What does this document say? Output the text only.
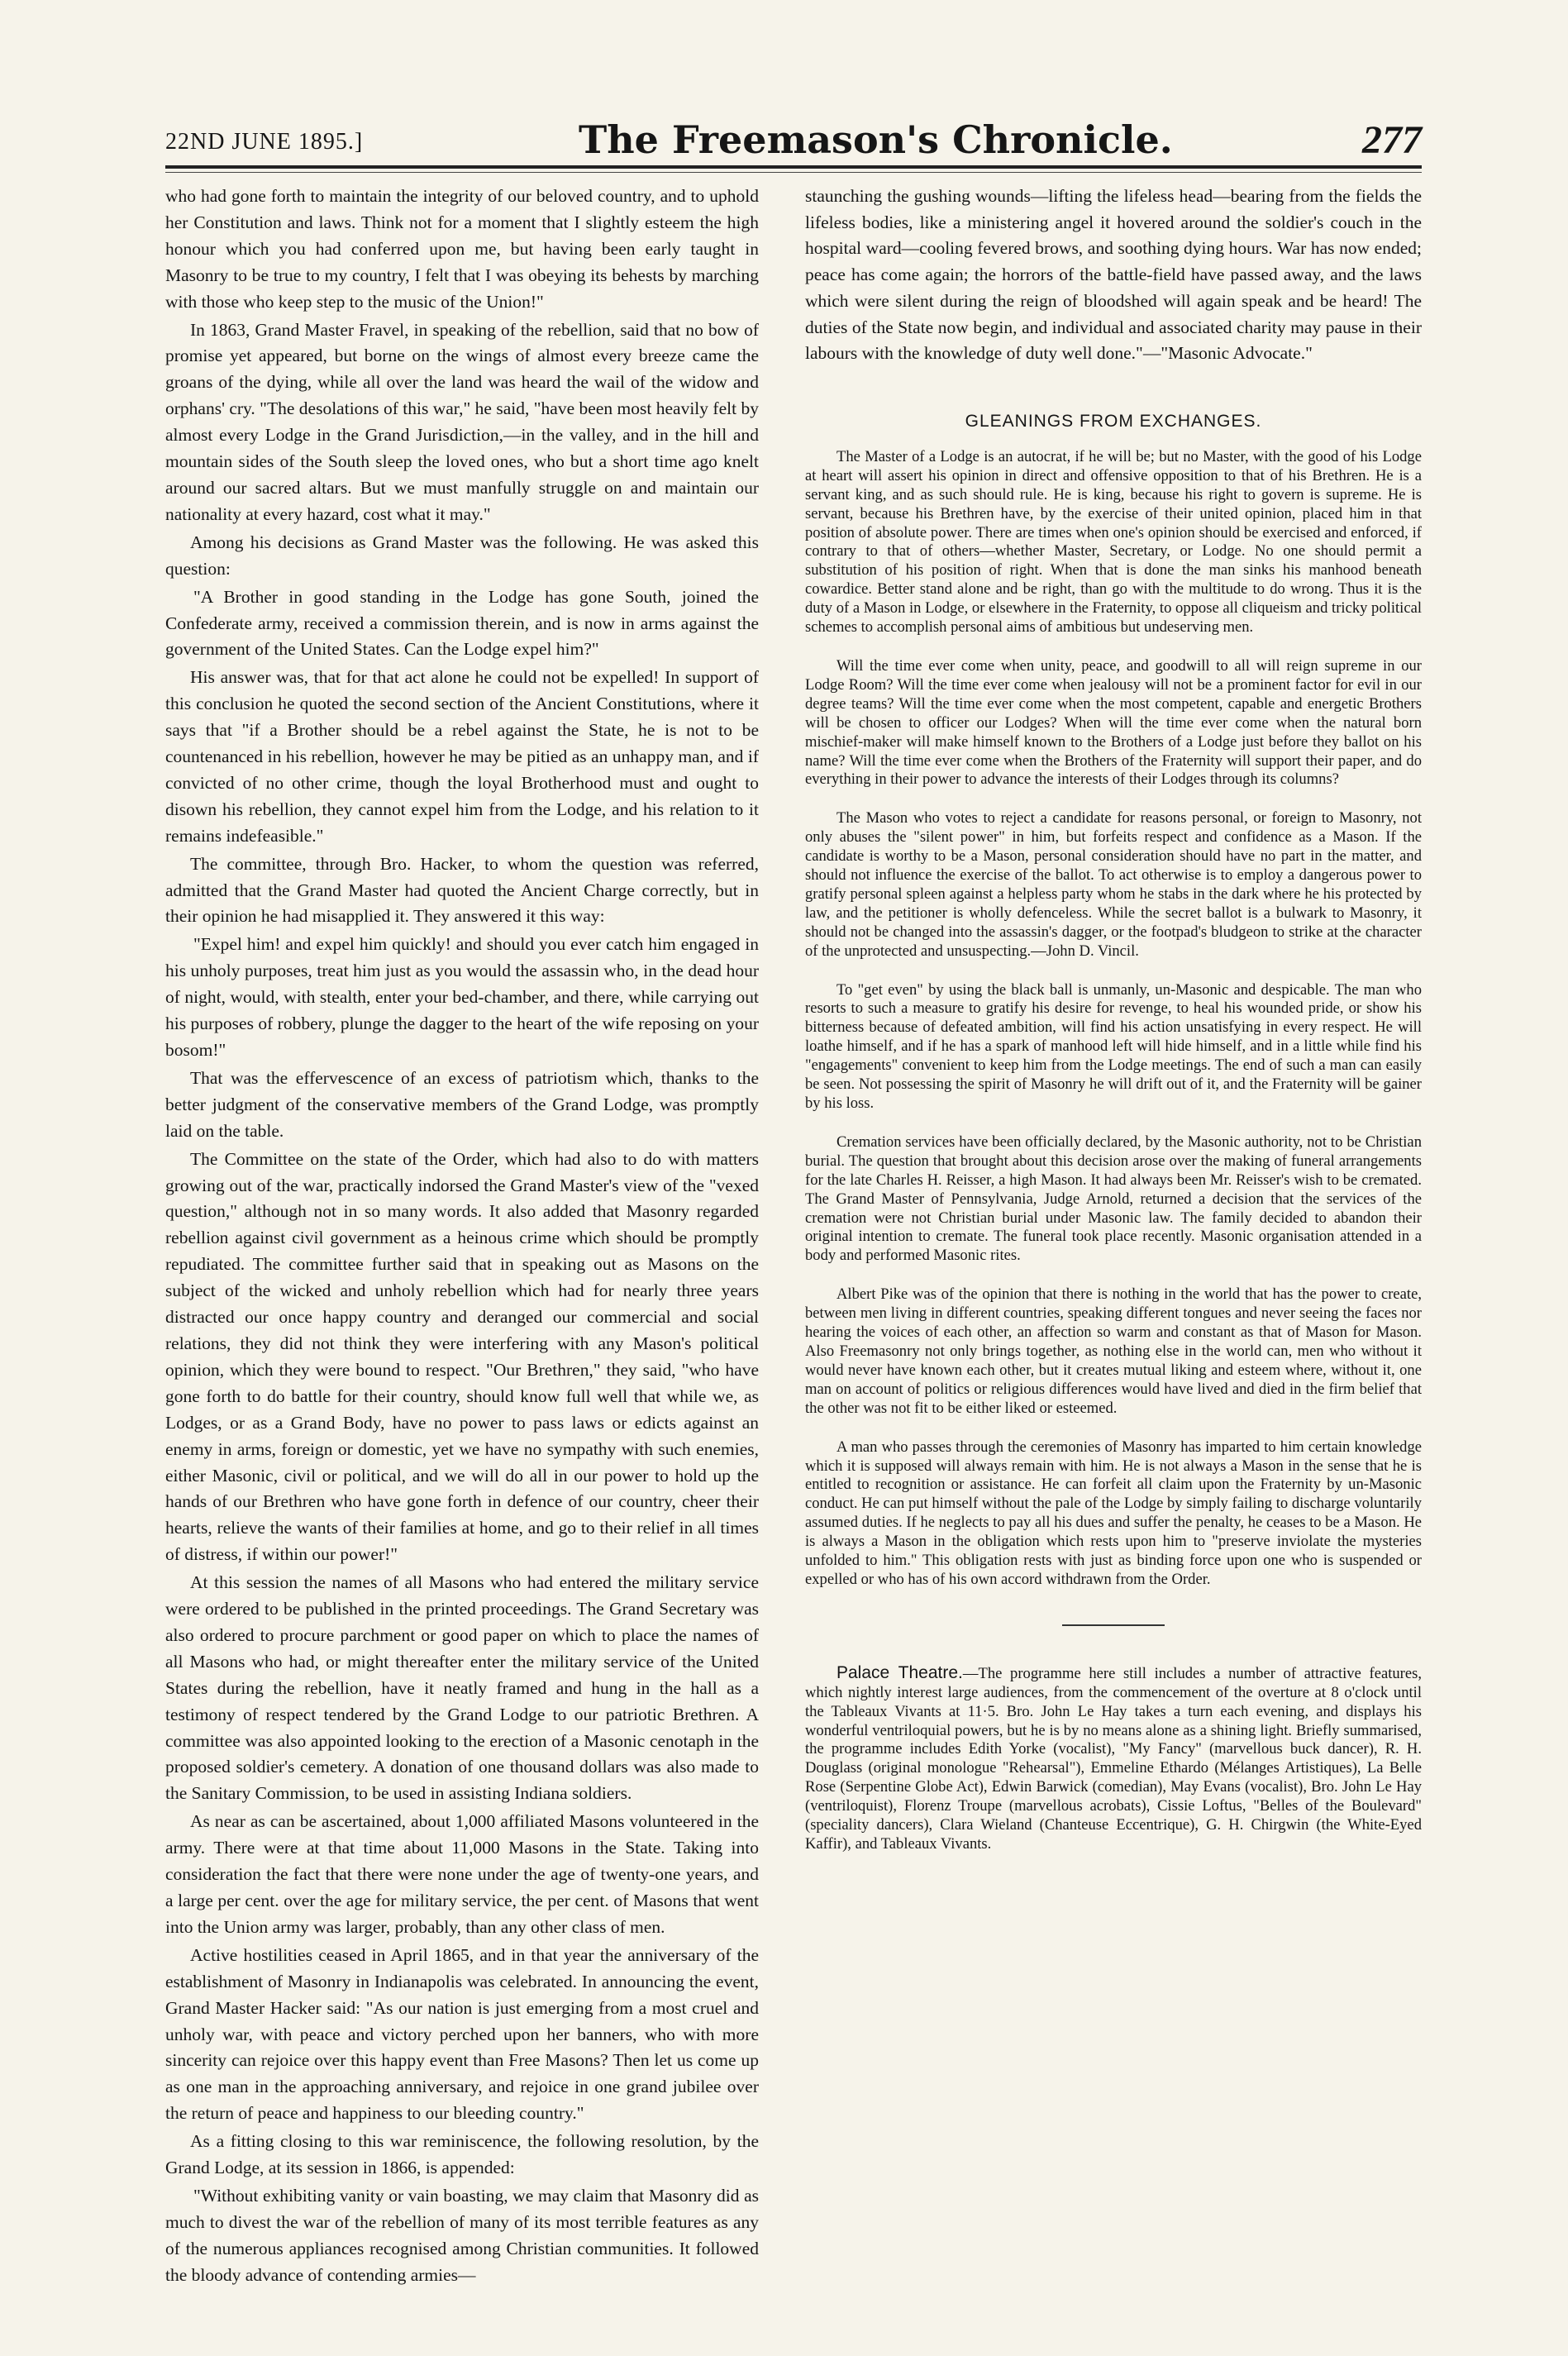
22ND JUNE 1895.]	The Freemason's Chronicle.	277

who had gone forth to maintain the integrity of our beloved country, and to uphold her Constitution and laws. Think not for a moment that I slightly esteem the high honour which you had conferred upon me, but having been early taught in Masonry to be true to my country, I felt that I was obeying its behests by marching with those who keep step to the music of the Union!"

In 1863, Grand Master Fravel, in speaking of the rebellion, said that no bow of promise yet appeared, but borne on the wings of almost every breeze came the groans of the dying, while all over the land was heard the wail of the widow and orphans' cry. "The desolations of this war," he said, "have been most heavily felt by almost every Lodge in the Grand Jurisdiction,—in the valley, and in the hill and mountain sides of the South sleep the loved ones, who but a short time ago knelt around our sacred altars. But we must manfully struggle on and maintain our nationality at every hazard, cost what it may."

Among his decisions as Grand Master was the following. He was asked this question:

"A Brother in good standing in the Lodge has gone South, joined the Confederate army, received a commission therein, and is now in arms against the government of the United States. Can the Lodge expel him?"

His answer was, that for that act alone he could not be expelled! In support of this conclusion he quoted the second section of the Ancient Constitutions, where it says that "if a Brother should be a rebel against the State, he is not to be countenanced in his rebellion, however he may be pitied as an unhappy man, and if convicted of no other crime, though the loyal Brotherhood must and ought to disown his rebellion, they cannot expel him from the Lodge, and his relation to it remains indefeasible."

The committee, through Bro. Hacker, to whom the question was referred, admitted that the Grand Master had quoted the Ancient Charge correctly, but in their opinion he had misapplied it. They answered it this way:

"Expel him! and expel him quickly! and should you ever catch him engaged in his unholy purposes, treat him just as you would the assassin who, in the dead hour of night, would, with stealth, enter your bed-chamber, and there, while carrying out his purposes of robbery, plunge the dagger to the heart of the wife reposing on your bosom!"

That was the effervescence of an excess of patriotism which, thanks to the better judgment of the conservative members of the Grand Lodge, was promptly laid on the table.

The Committee on the state of the Order, which had also to do with matters growing out of the war, practically indorsed the Grand Master's view of the "vexed question," although not in so many words. It also added that Masonry regarded rebellion against civil government as a heinous crime which should be promptly repudiated. The committee further said that in speaking out as Masons on the subject of the wicked and unholy rebellion which had for nearly three years distracted our once happy country and deranged our commercial and social relations, they did not think they were interfering with any Mason's political opinion, which they were bound to respect. "Our Brethren," they said, "who have gone forth to do battle for their country, should know full well that while we, as Lodges, or as a Grand Body, have no power to pass laws or edicts against an enemy in arms, foreign or domestic, yet we have no sympathy with such enemies, either Masonic, civil or political, and we will do all in our power to hold up the hands of our Brethren who have gone forth in defence of our country, cheer their hearts, relieve the wants of their families at home, and go to their relief in all times of distress, if within our power!"

At this session the names of all Masons who had entered the military service were ordered to be published in the printed proceedings. The Grand Secretary was also ordered to procure parchment or good paper on which to place the names of all Masons who had, or might thereafter enter the military service of the United States during the rebellion, have it neatly framed and hung in the hall as a testimony of respect tendered by the Grand Lodge to our patriotic Brethren. A committee was also appointed looking to the erection of a Masonic cenotaph in the proposed soldier's cemetery. A donation of one thousand dollars was also made to the Sanitary Commission, to be used in assisting Indiana soldiers.

As near as can be ascertained, about 1,000 affiliated Masons volunteered in the army. There were at that time about 11,000 Masons in the State. Taking into consideration the fact that there were none under the age of twenty-one years, and a large per cent. over the age for military service, the per cent. of Masons that went into the Union army was larger, probably, than any other class of men.

Active hostilities ceased in April 1865, and in that year the anniversary of the establishment of Masonry in Indianapolis was celebrated. In announcing the event, Grand Master Hacker said: "As our nation is just emerging from a most cruel and unholy war, with peace and victory perched upon her banners, who with more sincerity can rejoice over this happy event than Free Masons? Then let us come up as one man in the approaching anniversary, and rejoice in one grand jubilee over the return of peace and happiness to our bleeding country."

As a fitting closing to this war reminiscence, the following resolution, by the Grand Lodge, at its session in 1866, is appended:

"Without exhibiting vanity or vain boasting, we may claim that Masonry did as much to divest the war of the rebellion of many of its most terrible features as any of the numerous appliances recognised among Christian communities. It followed the bloody advance of contending armies—

staunching the gushing wounds—lifting the lifeless head—bearing from the fields the lifeless bodies, like a ministering angel it hovered around the soldier's couch in the hospital ward—cooling fevered brows, and soothing dying hours. War has now ended; peace has come again; the horrors of the battle-field have passed away, and the laws which were silent during the reign of bloodshed will again speak and be heard! The duties of the State now begin, and individual and associated charity may pause in their labours with the knowledge of duty well done."—"Masonic Advocate."

GLEANINGS FROM EXCHANGES.

The Master of a Lodge is an autocrat, if he will be; but no Master, with the good of his Lodge at heart will assert his opinion in direct and offensive opposition to that of his Brethren. He is a servant king, and as such should rule. He is king, because his right to govern is supreme. He is servant, because his Brethren have, by the exercise of their united opinion, placed him in that position of absolute power. There are times when one's opinion should be exercised and enforced, if contrary to that of others—whether Master, Secretary, or Lodge. No one should permit a substitution of his position of right. When that is done the man sinks his manhood beneath cowardice. Better stand alone and be right, than go with the multitude to do wrong. Thus it is the duty of a Mason in Lodge, or elsewhere in the Fraternity, to oppose all cliqueism and tricky political schemes to accomplish personal aims of ambitious but undeserving men.

Will the time ever come when unity, peace, and goodwill to all will reign supreme in our Lodge Room? Will the time ever come when jealousy will not be a prominent factor for evil in our degree teams? Will the time ever come when the most competent, capable and energetic Brothers will be chosen to officer our Lodges? When will the time ever come when the natural born mischief-maker will make himself known to the Brothers of a Lodge just before they ballot on his name? Will the time ever come when the Brothers of the Fraternity will support their paper, and do everything in their power to advance the interests of their Lodges through its columns?

The Mason who votes to reject a candidate for reasons personal, or foreign to Masonry, not only abuses the "silent power" in him, but forfeits respect and confidence as a Mason. If the candidate is worthy to be a Mason, personal consideration should have no part in the matter, and should not influence the exercise of the ballot. To act otherwise is to employ a dangerous power to gratify personal spleen against a helpless party whom he stabs in the dark where he his protected by law, and the petitioner is wholly defenceless. While the secret ballot is a bulwark to Masonry, it should not be changed into the assassin's dagger, or the footpad's bludgeon to strike at the character of the unprotected and unsuspecting.—John D. Vincil.

To "get even" by using the black ball is unmanly, un-Masonic and despicable. The man who resorts to such a measure to gratify his desire for revenge, to heal his wounded pride, or show his bitterness because of defeated ambition, will find his action unsatisfying in every respect. He will loathe himself, and if he has a spark of manhood left will hide himself, and in a little while find his "engagements" convenient to keep him from the Lodge meetings. The end of such a man can easily be seen. Not possessing the spirit of Masonry he will drift out of it, and the Fraternity will be gainer by his loss.

Cremation services have been officially declared, by the Masonic authority, not to be Christian burial. The question that brought about this decision arose over the making of funeral arrangements for the late Charles H. Reisser, a high Mason. It had always been Mr. Reisser's wish to be cremated. The Grand Master of Pennsylvania, Judge Arnold, returned a decision that the services of the cremation were not Christian burial under Masonic law. The family decided to abandon their original intention to cremate. The funeral took place recently. Masonic organisation attended in a body and performed Masonic rites.

Albert Pike was of the opinion that there is nothing in the world that has the power to create, between men living in different countries, speaking different tongues and never seeing the faces nor hearing the voices of each other, an affection so warm and constant as that of Mason for Mason. Also Freemasonry not only brings together, as nothing else in the world can, men who without it would never have known each other, but it creates mutual liking and esteem where, without it, one man on account of politics or religious differences would have lived and died in the firm belief that the other was not fit to be either liked or esteemed.

A man who passes through the ceremonies of Masonry has imparted to him certain knowledge which it is supposed will always remain with him. He is not always a Mason in the sense that he is entitled to recognition or assistance. He can forfeit all claim upon the Fraternity by un-Masonic conduct. He can put himself without the pale of the Lodge by simply failing to discharge voluntarily assumed duties. If he neglects to pay all his dues and suffer the penalty, he ceases to be a Mason. He is always a Mason in the obligation which rests upon him to "preserve inviolate the mysteries unfolded to him." This obligation rests with just as binding force upon one who is suspended or expelled or who has of his own accord withdrawn from the Order.

Palace Theatre.—The programme here still includes a number of attractive features, which nightly interest large audiences, from the commencement of the overture at 8 o'clock until the Tableaux Vivants at 11·5. Bro. John Le Hay takes a turn each evening, and displays his wonderful ventriloquial powers, but he is by no means alone as a shining light. Briefly summarised, the programme includes Edith Yorke (vocalist), "My Fancy" (marvellous buck dancer), R. H. Douglass (original monologue "Rehearsal"), Emmeline Ethardo (Mélanges Artistiques), La Belle Rose (Serpentine Globe Act), Edwin Barwick (comedian), May Evans (vocalist), Bro. John Le Hay (ventriloquist), Florenz Troupe (marvellous acrobats), Cissie Loftus, "Belles of the Boulevard" (speciality dancers), Clara Wieland (Chanteuse Eccentrique), G. H. Chirgwin (the White-Eyed Kaffir), and Tableaux Vivants.
